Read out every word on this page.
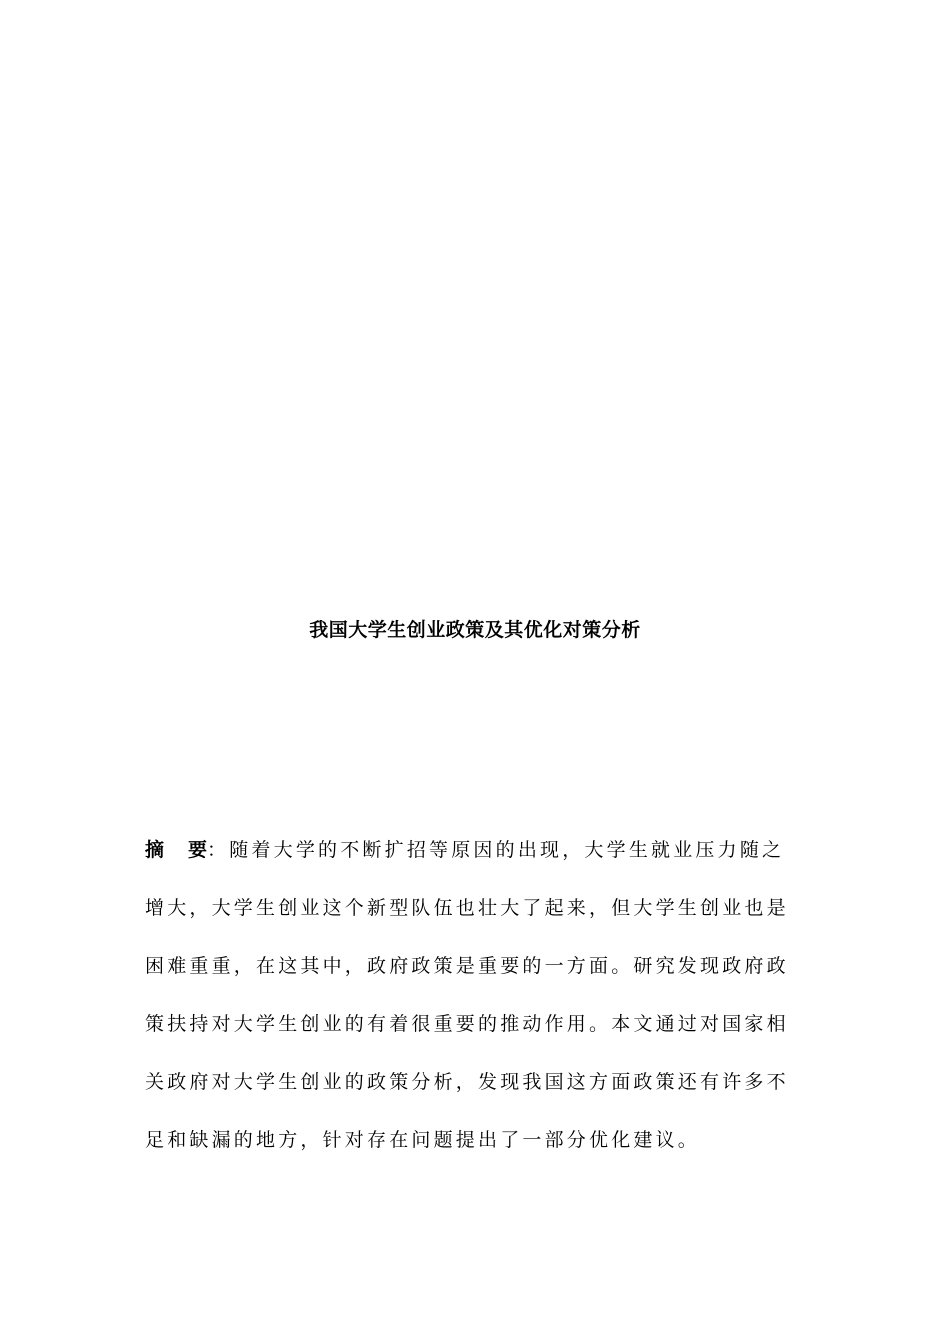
我国大学生创业政策及其优化对策分析
摘 要：随着大学的不断扩招等原因的出现，大学生就业压力随之增大，大学生创业这个新型队伍也壮大了起来，但大学生创业也是困难重重，在这其中，政府政策是重要的一方面。研究发现政府政策扶持对大学生创业的有着很重要的推动作用。本文通过对国家相关政府对大学生创业的政策分析，发现我国这方面政策还有许多不足和缺漏的地方，针对存在问题提出了一部分优化建议。
